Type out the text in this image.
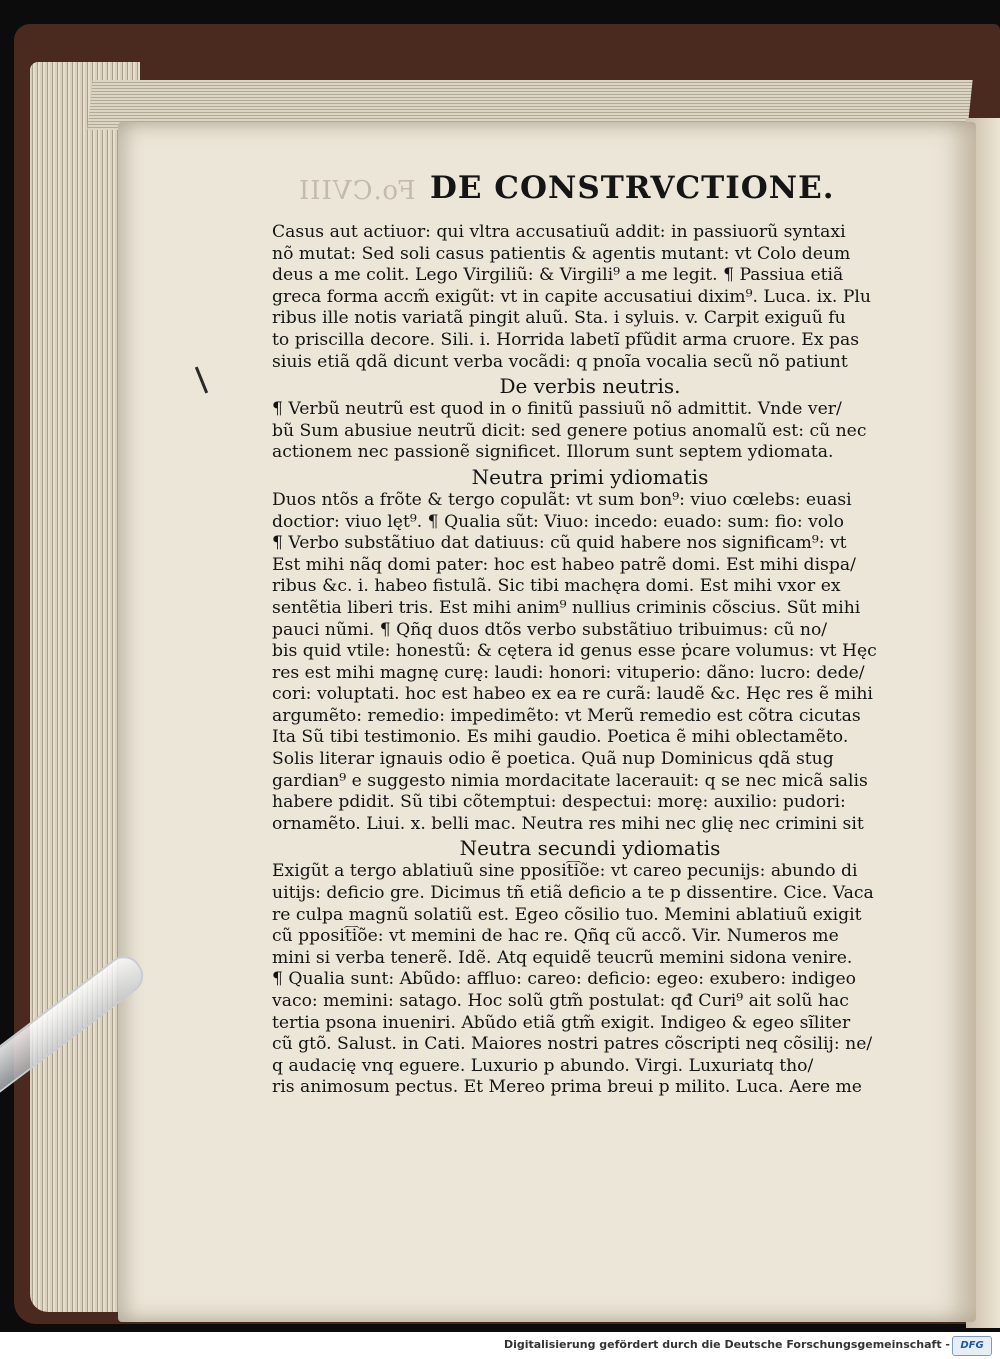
Fo.CVIII DE CONSTRVCTIONE.
Casus aut actiuor: qui vltra accusatiuũ addit: in passiuorũ syntaxi
nõ mutat: Sed soli casus patientis & agentis mutant: vt Colo deum
deus a me colit. Lego Virgiliũ: & Virgili⁹ a me legit. ¶ Passiua etiã
greca forma accm̃ exigũt: vt in capite accusatiui dixim⁹. Luca. ix. Plu
ribus ille notis variatã pingit aluũ. Sta. i syluis. v. Carpit exiguũ fu
to priscilla decore. Sili. i. Horrida labetĩ pfũdit arma cruore. Ex pas
siuis etiã qdã dicunt verba vocãdi: q pnoĩa vocalia secũ nõ patiunt
De verbis neutris.
¶ Verbũ neutrũ est quod in o finitũ passiuũ nõ admittit. Vnde ver/
bũ Sum abusiue neutrũ dicit: sed genere potius anomalũ est: cũ nec
actionem nec passionẽ significet. Illorum sunt septem ydiomata.
Neutra primi ydiomatis
Duos ntõs a frõte & tergo copulãt: vt sum bon⁹: viuo cœlebs: euasi
doctior: viuo lęt⁹. ¶ Qualia sũt: Viuo: incedo: euado: sum: fio: volo
¶ Verbo substãtiuo dat datiuus: cũ quid habere nos significam⁹: vt
Est mihi nãq domi pater: hoc est habeo patrẽ domi. Est mihi dispa/
ribus &c. i. habeo fistulã. Sic tibi machęra domi. Est mihi vxor ex
sentẽtia liberi tris. Est mihi anim⁹ nullius criminis cõscius. Sũt mihi
pauci nũmi. ¶ Qñq duos dtõs verbo substãtiuo tribuimus: cũ no/
bis quid vtile: honestũ: & cętera id genus esse ṗcare volumus: vt Hęc
res est mihi magnę curę: laudi: honori: vituperio: dãno: lucro: dede/
cori: voluptati. hoc est habeo ex ea re curã: laudẽ &c. Hęc res ẽ mihi
argumẽto: remedio: impedimẽto: vt Merũ remedio est cõtra cicutas
Ita Sũ tibi testimonio. Es mihi gaudio. Poetica ẽ mihi oblectamẽto.
Solis literar ignauis odio ẽ poetica. Quã nup Dominicus qdã stug
gardian⁹ e suggesto nimia mordacitate lacerauit: q se nec micã salis
habere pdidit. Sũ tibi cõtemptui: despectui: morę: auxilio: pudori:
ornamẽto. Liui. x. belli mac. Neutra res mihi nec glię nec crimini sit
Neutra secundi ydiomatis
Exigũt a tergo ablatiuũ sine pposit͡iõe: vt careo pecunijs: abundo di
uitijs: deficio gre. Dicimus tñ etiã deficio a te p dissentire. Cice. Vaca
re culpa magnũ solatiũ est. Egeo cõsilio tuo. Memini ablatiuũ exigit
cũ pposit͡iõe: vt memini de hac re. Qñq cũ accõ. Vir. Numeros me
mini si verba tenerẽ. Idẽ. Atq equidẽ teucrũ memini sidona venire.
¶ Qualia sunt: Abũdo: affluo: careo: deficio: egeo: exubero: indigeo
vaco: memini: satago. Hoc solũ gtm̃ postulat: qđ Curi⁹ ait solũ hac
tertia psona inueniri. Abũdo etiã gtm̃ exigit. Indigeo & egeo sĩliter
cũ gtõ. Salust. in Cati. Maiores nostri patres cõscripti neq cõsilij: ne/
q audacię vnq eguere. Luxurio p abundo. Virgi. Luxuriatq tho/
ris animosum pectus. Et Mereo prima breui p milito. Luca. Aere me
Digitalisierung gefördert durch die Deutsche Forschungsgemeinschaft -	DFG
